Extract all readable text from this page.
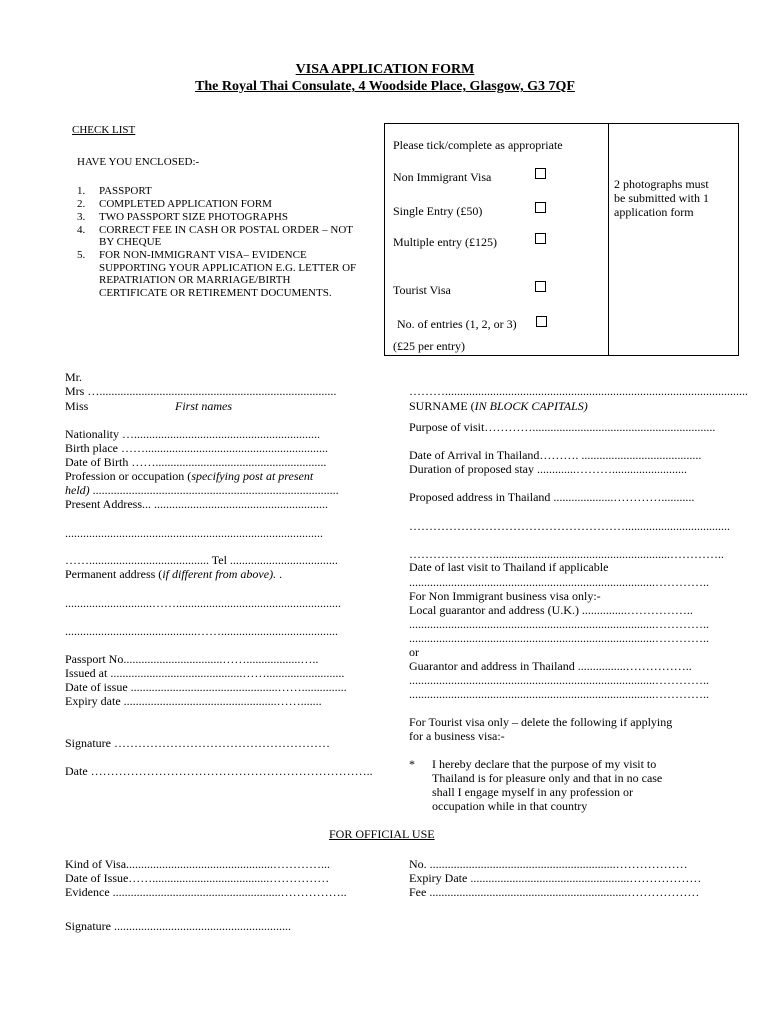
VISA APPLICATION FORM
The Royal Thai Consulate, 4 Woodside Place, Glasgow, G3 7QF
CHECK LIST
HAVE YOU ENCLOSED:-
1. PASSPORT
2. COMPLETED APPLICATION FORM
3. TWO PASSPORT SIZE PHOTOGRAPHS
4. CORRECT FEE IN CASH OR POSTAL ORDER – NOT
BY CHEQUE
5. FOR NON-IMMIGRANT VISA– EVIDENCE
SUPPORTING YOUR APPLICATION E.G. LETTER OF
REPATRIATION OR MARRIAGE/BIRTH
CERTIFICATE OR RETIREMENT DOCUMENTS.
Please tick/complete as appropriate
Non Immigrant Visa
Single Entry (£50)
Multiple entry (£125)
Tourist Visa
No. of entries (1, 2, or 3)
(£25 per entry)
2 photographs must
be submitted with 1
application form
Mr.
Mrs …...............................................................................
Miss	First names
Nationality …..............................................................
Birth place …….............................................................
Date of Birth …….........................................................
Profession or occupation (specifying post at present
held) ..................................................................................
Present Address... ..........................................................
......................................................................................
……........................................ Tel ....................................
Permanent address (if different from above). .
.............................…….......................................................
............................................…….......................................
Passport No.................................……..................…..
Issued at ............................................……..........................
Date of issue .................................................……...............
Expiry date ...................................................…….......
Signature ………………………………………………
Date ……………………………………………………………..
……….....................................................................................................
SURNAME (IN BLOCK CAPITALS)
Purpose of visit………….............................................................
Date of Arrival in Thailand………. ........................................
Duration of proposed stay .............……….........................
Proposed address in Thailand ....................…………...........
………………………………………………...................................
…………………...........................................................…………..
Date of last visit to Thailand if applicable
..................................................................................…………..
For Non Immigrant business visa only:-
Local guarantor and address (U.K.) ...............……………..
..................................................................................…………..
..................................................................................…………..
or
Guarantor and address in Thailand ................……………..
..................................................................................…………..
..................................................................................…………..
For Tourist visa only – delete the following if applying
for a business visa:-
* I hereby declare that the purpose of my visit to
Thailand is for pleasure only and that in no case
shall I engage myself in any profession or
occupation while in that country
FOR OFFICIAL USE
Kind of Visa.................................................…………...
Date of Issue…….......................................……………
Evidence ........................................................……………..
No. ..............................................................………………
Expiry Date .....................................................………………
Fee ..................................................................………………
Signature ...........................................................
